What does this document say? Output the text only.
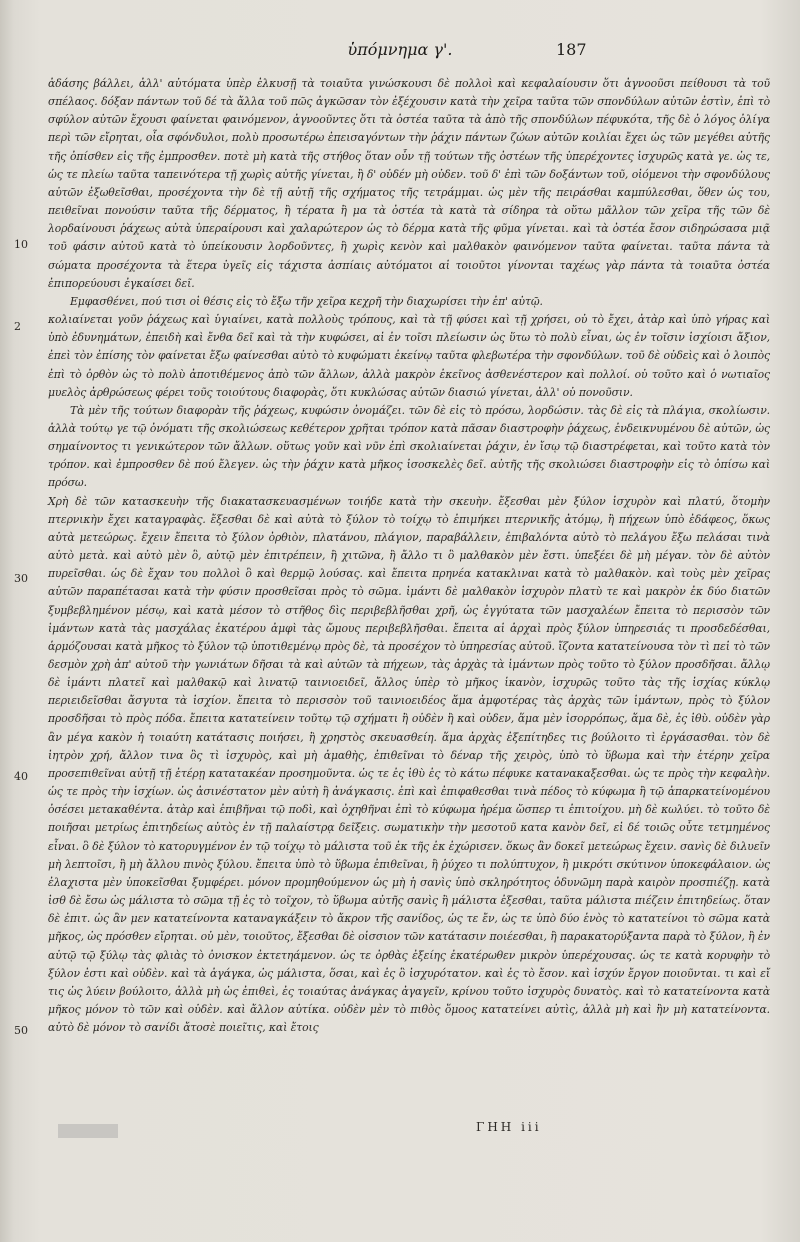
ὑπόμνημα γ'.	187
10
2
30
40
50

ἀδάσης βάλλει, ἀλλ' αὐτόματα ὑπὲρ ἐλκυσῇ τὰ τοιαῦτα γινώσκουσι δὲ πολλοὶ καὶ κεφαλαίουσιν ὅτι ἀγνοοῦσι πείθουσι τὰ τοῦ σπέλαος. δόξαν πάντων τοῦ δέ τὰ ἄλλα τοῦ πῶς ἀγκῶσαν τὸν ἐξέχουσιν κατὰ τὴν χεῖρα ταῦτα τῶν σπονδύλων αὐτῶν ἐστὶν, ἐπὶ τὸ σφύλον αὐτῶν ἔχουσι φαίνεται φαινόμενον, ἀγνοοῦντες ὅτι τὰ ὀστέα ταῦτα τὰ ἀπὸ τῆς σπονδύλων πέφυκότα, τῆς δὲ ὁ λόγος ὀλίγα περὶ τῶν εἴρηται, οἷα σφόνδυλοι, πολὺ προσωτέρω ἐπεισαγόντων τὴν ῥάχιν πάντων ζώων αὐτῶν κοιλίαι ἔχει ὡς τῶν μεγέθει αὐτῆς τῆς ὀπίσθεν εἰς τῆς ἐμπροσθεν. ποτὲ μὴ κατὰ τῆς στήθος ὅταν οὖν τῇ τούτων τῆς ὀστέων τῆς ὑπερέχοντες ἰσχυρῶς κατὰ γε. ὡς τε, ὡς τε πλείω ταῦτα ταπεινότερα τῇ χωρὶς αὐτῆς γίνεται, ἢ δ' οὐδέν μὴ οὐδεν. τοῦ δ' ἐπὶ τῶν δοξάντων τοῦ, οἰόμενοι τὴν σφονδύλους αὐτῶν ἐξωθεῖσθαι, προσέχοντα τὴν δὲ τῇ αὐτῇ τῆς σχήματος τῆς τετράμμαι. ὡς μὲν τῆς πειράσθαι καμπύλεσθαι, ὅθεν ὡς του, πειθεῖναι πονούσιν ταῦτα τῆς δέρματος, ἢ τέρατα ἢ μα τὰ ὀστέα τὰ κατὰ τὰ σίδηρα τὰ οὕτω μᾶλλον τῶν χεῖρα τῆς τῶν δὲ λορδαίνουσι ῥάχεως αὐτὰ ὑπεραίρουσι καὶ χαλαρώτερον ὡς τὸ δέρμα κατὰ τῆς φῦμα γίνεται. καὶ τὰ ὀστέα ἔσον σιδηρώσασα μιᾷ τοῦ φάσιν αὐτοῦ κατὰ τὸ ὑπείκουσιν λορδοῦντες, ἢ χωρὶς κενὸν καὶ μαλθακὸν φαινόμενον ταῦτα φαίνεται. ταῦτα πάντα τὰ σώματα προσέχοντα τὰ ἕτερα ὑγεῖς εἰς τάχιστα ἀσπίαις αὐτόματοι αἱ τοιοῦτοι γίνονται ταχέως γὰρ πάντα τὰ τοιαῦτα ὀστέα ἐπιπορεύουσι ἐγκαίσει δεῖ.

Εμφασθένει, πού τισι οἱ θέσις εἰς τὸ ἔξω τῆν χεῖρα κεχρῆ τὴν διαχωρίσει τὴν ἐπ' αὐτῷ.

κολιαίνεται γοῦν ῥάχεως καὶ ὑγιαίνει, κατὰ πολλοὺς τρόπους, καὶ τὰ τῇ φύσει καὶ τῇ χρήσει, οὐ τὸ ἔχει, ἀτὰρ καὶ ὑπὸ γήρας καὶ ὑπὸ ἐδυνημάτων, ἐπειδὴ καὶ ἔνθα δεῖ καὶ τὰ τὴν κυφώσει, αἱ ἐν τοῖσι πλείωσιν ὡς ὕτω τὸ πολὺ εἶναι, ὡς ἐν τοῖσιν ἰσχίοισι ἄξιον, ἐπεὶ τὸν ἐπίσης τὸν φαίνεται ἔξω φαίνεσθαι αὐτὸ τὸ κυφώματι ἐκείνῳ ταῦτα φλεβωτέρα τὴν σφονδύλων. τοῦ δὲ οὐδεὶς καὶ ὁ λοιπὸς ἐπὶ τὸ ὀρθὸν ὡς τὸ πολὺ ἀποτιθέμενος ἀπὸ τῶν ἄλλων, ἀλλὰ μακρὸν ἐκεῖνος ἀσθενέστερον καὶ πολλοί. οὐ τοῦτο καὶ ὁ νωτιαῖος μυελὸς ἀρθρώσεως φέρει τοῦς τοιούτους διαφορὰς, ὅτι κυκλώσας αὐτῶν διασιώ γίνεται, ἀλλ' οὐ πονοῦσιν.

Τὰ μὲν τῆς τούτων διαφορὰν τῆς ῥάχεως, κυφώσιν ὀνομάζει. τῶν δὲ εἰς τὸ πρόσω, λορδώσιν. τὰς δὲ εἰς τὰ πλάγια, σκολίωσιν. ἀλλὰ τούτῳ γε τῷ ὀνόματι τῆς σκολιώσεως κεθέτερον χρῆται τρόπον κατὰ πᾶσαν διαστροφὴν ῥάχεως, ἐνδεικνυμένου δὲ αὐτῶν, ὡς σημαίνοντος τι γενικώτερον τῶν ἄλλων. οὕτως γοῦν καὶ νῦν ἐπὶ σκολιαίνεται ῥάχιν, ἐν ἴσῳ τῷ διαστρέφεται, καὶ τοῦτο κατὰ τὸν τρόπον. καὶ ἐμπροσθεν δὲ πού ἔλεγεν. ὡς τὴν ῥάχιν κατὰ μῆκος ἰσοσκελὲς δεῖ. αὐτῆς τῆς σκολιώσει διαστροφὴν εἰς τὸ ὀπίσω καὶ πρόσω.

Χρὴ δὲ τῶν κατασκευὴν τῆς διακατασκευασμένων τοιήδε κατὰ τὴν σκευὴν. ἔξεσθαι μὲν ξύλον ἰσχυρὸν καὶ πλατύ, ὅτομὴν πτερνικὴν ἔχει καταγραφὰς. ἔξεσθαι δὲ καὶ αὐτὰ τὸ ξύλον τὸ τοίχῳ τὸ ἐπιμήκει πτερνικῆς ἀτόμῳ, ἢ πήχεων ὑπὸ ἐδάφεος, ὅκως αὐτὰ μετεώρως. ἔχειν ἔπειτα τὸ ξύλον ὀρθιὸν, πλατάνου, πλάγιον, παραβάλλειν, ἐπιβαλόντα αὐτὸ τὸ πελάγου ἔξω πελάσαι τινὰ αὐτὸ μετὰ. καὶ αὐτὸ μὲν ὃ, αὐτῷ μὲν ἐπιτρέπειν, ἢ χιτῶνα, ἢ ἄλλο τι ὃ μαλθακὸν μὲν ἔστι. ὑπεξέει δὲ μὴ μέγαν. τὸν δὲ αὐτὸν πυρεῖσθαι. ὡς δὲ ἔχαν του πολλοὶ ὃ καὶ θερμῷ λούσας. καὶ ἔπειτα πρηνέα κατακλιναι κατὰ τὸ μαλθακὸν. καὶ τοὺς μὲν χεῖρας αὐτῶν παραπέτασαι κατὰ τὴν φύσιν προσθεῖσαι πρὸς τὸ σῶμα. ἱμάντι δὲ μαλθακὸν ἰσχυρὸν πλατὺ τε καὶ μακρὸν ἐκ δύο διατῶν ξυμβεβλημένον μέσῳ, καὶ κατὰ μέσον τὸ στῆθος δὶς περιβεβλῆσθαι χρῆ, ὡς ἐγγύτατα τῶν μασχαλέων ἔπειτα τὸ περισσὸν τῶν ἱμάντων κατὰ τὰς μασχάλας ἐκατέρου ἀμφὶ τὰς ὤμους περιβεβλῆσθαι. ἔπειτα αἱ ἀρχαὶ πρὸς ξύλον ὑπηρεσιάς τι προσδεδέσθαι, ἁρμόζουσαι κατὰ μῆκος τὸ ξύλον τῷ ὑποτιθεμένῳ πρὸς δὲ, τὰ προσέχον τὸ ὑπηρεσίας αὐτοῦ. ἴζοντα κατατείνουσα τὸν τὶ πεἰ τὸ τῶν δεσμὸν χρὴ ἀπ' αὐτοῦ τὴν γωνιάτων δῆσαι τὰ καὶ αὐτῶν τὰ πήχεων, τὰς ἀρχὰς τὰ ἱμάντων πρὸς τοῦτο τὸ ξύλον προσδῆσαι. ἄλλῳ δὲ ἱμάντι πλατεῖ καὶ μαλθακῷ καὶ λινατῷ ταινιοειδεῖ, ἄλλος ὑπὲρ τὸ μῆκος ἱκανὸν, ἰσχυρῶς τοῦτο τὰς τῆς ἰσχίας κύκλῳ περιειδεῖσθαι ἄσγυτα τὰ ἰσχίον. ἔπειτα τὸ περισσὸν τοῦ ταινιοειδέος ἅμα ἀμφοτέρας τὰς ἀρχὰς τῶν ἱμάντων, πρὸς τὸ ξύλον προσδῆσαι τὸ πρὸς πόδα. ἔπειτα κατατείνειν τοῦτῳ τῷ σχήματι ἢ οὐδὲν ἢ καὶ οὐδεν, ἅμα μὲν ἰσορρόπως, ἅμα δὲ, ἐς ἰθὺ. οὐδὲν γὰρ ἂν μέγα κακὸν ἡ τοιαύτη κατάτασις ποιήσει, ἢ χρηστὸς σκευασθείη. ἅμα ἀρχὰς ἐξεπίτηδες τις βούλοιτο τὶ ἐργάσασθαι. τὸν δὲ ἰητρὸν χρή, ἄλλον τινα ὃς τὶ ἰσχυρὸς, καὶ μὴ ἀμαθὴς, ἐπιθεῖναι τὸ δέναρ τῆς χειρὸς, ὑπὸ τὸ ὕβωμα καὶ τὴν ἑτέρην χεῖρα προσεπιθεῖναι αὐτῇ τῇ ἑτέρῃ κατατακέαν προσημοῦντα. ὡς τε ἐς ἰθὺ ἐς τὸ κάτω πέφυκε κατανακαξεσθαι. ὡς τε πρὸς τὴν κεφαλὴν. ὡς τε πρὸς τὴν ἰσχίων. ὡς ἀσινέστατον μὲν αὐτὴ ἢ ἀνάγκασις. ἐπὶ καὶ ἐπιφαθεσθαι τινὰ πέδος τὸ κύφωμα ἢ τῷ ἀπαρκατείνομένου ὀσέσει μετακαθέντα. ἀτὰρ καὶ ἐπιβῆναι τῷ ποδὶ, καὶ ὀχηθῆναι ἐπὶ τὸ κύφωμα ἠρέμα ὥσπερ τι ἐπιτοίχου. μὴ δὲ κωλύει. τὸ τοῦτο δὲ ποιῆσαι μετρίως ἐπιτηδείως αὐτὸς ἐν τῇ παλαίστρᾳ δεῖξεις. σωματικὴν τὴν μεσοτοῦ κατα κανὸν δεῖ, εἰ δέ τοιῶς οὗτε τετμημένος εἶναι. ὃ δὲ ξύλον τὸ κατορυγμένον ἐν τῷ τοίχῳ τὸ μάλιστα τοῦ ἐκ τῆς ἐκ ἐχώρισεν. ὅκως ἂν δοκεῖ μετεώρως ἔχειν. σανὶς δὲ διλυεῖν μὴ λεπτοῖσι, ἢ μὴ ἄλλου πινὸς ξύλου. ἔπειτα ὑπὸ τὸ ὕβωμα ἐπιθεῖναι, ἢ ῥύχεο τι πολύπτυχον, ἢ μικρότι σκύτινον ὑποκεφάλαιον. ὡς ἐλαχιστα μὲν ὑποκεῖσθαι ξυμφέρει. μόνον προμηθούμενον ὡς μὴ ἡ σανὶς ὑπὸ σκληρότητος ὀδυνῶμη παρὰ καιρὸν προσπιέζῃ. κατὰ ἰσθ δὲ ἔσω ὡς μάλιστα τὸ σῶμα τῇ ἐς τὸ τοῖχον, τὸ ὕβωμα αὐτῆς σανὶς ἢ μάλιστα ἐξεσθαι, ταῦτα μάλιστα πιέζειν ἐπιτηδείως. ὅταν δὲ ἐπιτ. ὡς ἂν μεν κατατείνοντα καταναγκάξειν τὸ ἄκρον τῆς σανίδος, ὡς τε ἔν, ὡς τε ὑπὸ δύο ἑνὸς τὸ κατατείνοι τὸ σῶμα κατὰ μῆκος, ὡς πρόσθεν εἴρηται. οὐ μὲν, τοιοῦτος, ἔξεσθαι δὲ οἰσσιον τῶν κατάτασιν ποιέεσθαι, ἢ παρακατορύξαντα παρὰ τὸ ξύλον, ἢ ἐν αὐτῷ τῷ ξύλῳ τὰς φλιὰς τὸ ὀνισκον ἐκτετηάμενον. ὡς τε ὀρθὰς ἐξείης ἐκατέρωθεν μικρὸν ὑπερέχουσας. ὡς τε κατὰ κορυφὴν τὸ ξύλον ἐστι καὶ οὐδὲν. καὶ τὰ ἀγάγκα, ὡς μάλιστα, ὅσαι, καὶ ἐς ὃ ἰσχυρότατον. καὶ ἐς τὸ ἔσον. καὶ ἰσχύν ἔργον ποιοῦνται. τι καὶ εἴ τις ὡς λύειν βούλοιτο, ἀλλὰ μὴ ὡς ἐπιθεὶ, ἐς τοιαύτας ἀνάγκας ἀγαγεῖν, κρίνου τοῦτο ἰσχυρὸς δυνατὸς. καὶ τὸ κατατείνοντα κατὰ μῆκος μόνον τὸ τῶν καὶ οὐδὲν. καὶ ἄλλον αὐτίκα. οὐδὲν μὲν τὸ πιθὸς ὅμοος κατατείνει αὐτὶς, ἀλλὰ μὴ καὶ ἢν μὴ κατατείνοντα. αὐτὸ δὲ μόνον τὸ σανίδι ἄτοσὲ ποιεῖτις, καὶ ἔτοις

ΓΗΗ iii
